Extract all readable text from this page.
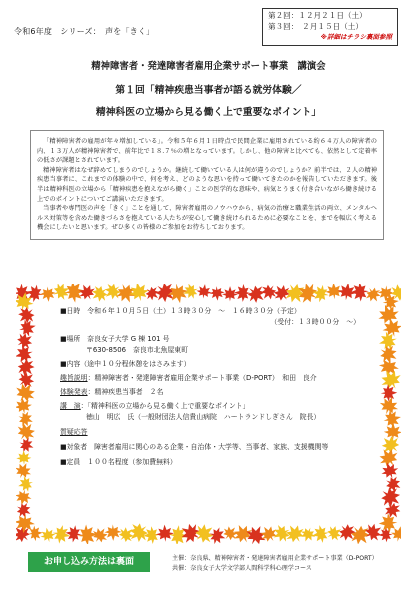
令和6年度　シリーズ：　声を「きく」
第２回：１２月２１日（土）
第３回：　２月１５日（土）
※詳細はチラシ裏面参照
精神障害者・発達障害者雇用企業サポート事業　講演会
第１回「精神疾患当事者が語る就労体験／
精神科医の立場から見る働く上で重要なポイント」

「精神障害者の雇用が年々増加している」。令和５年６月１日時点で民間企業に雇用されている約６４万人の障害者の内、１３万人が精神障害者で、前年比で１８.７％の増となっています。しかし、他の障害と比べても、依然として定着率の低さが課題とされています。

精神障害者はなぜ辞めてしまうのでしょうか。継続して働いている人は何が違うのでしょうか？前半では、２人の精神疾患当事者に、これまでの体験の中で、何を考え、どのような思いを持って働いてきたのかを報告していただきます。後半は精神科医の立場から「精神疾患を抱えながら働く」ことの医学的な意味や、病気とうまく付き合いながら働き続ける上でのポイントについてご講演いただきます。

当事者や専門医の声を「きく」ことを通して、障害者雇用のノウハウから、病気の治療と職業生活の両立、メンタルヘルス対策等を含めた働きづらさを抱えている人たちが安心して働き続けられるために必要なことを、までを幅広く考える機会にしたいと思います。ぜひ多くの皆様のご参加をお待ちしております。

■日時　令和６年１０月５日（土）１３時３０分　～　１６時３０分（予定）
（受付：１３時００分　～）
■場所　奈良女子大学 G 棟 101 号
〒630-8506　奈良市北魚屋東町
■内容（途中１０分程休憩をはさみます）
趣旨説明：精神障害者・発達障害者雇用企業サポート事業（D-PORT）　和田　良介
体験発表：精神疾患当事者　２名
講　演：「精神科医の立場から見る働く上で重要なポイント」
徳山　明広　氏（一般財団法人信貴山病院　ハートランドしぎさん　院長）
質疑応答
■対象者　障害者雇用に関心のある企業・自治体・大学等、当事者、家族、支援機関等
■定員　１００名程度（参加費無料）
お申し込み方法は裏面	主催：奈良県、精神障害者・発達障害者雇用企業サポート事業（D-PORT）
共催：奈良女子大学文学部人間科学科心理学コース
